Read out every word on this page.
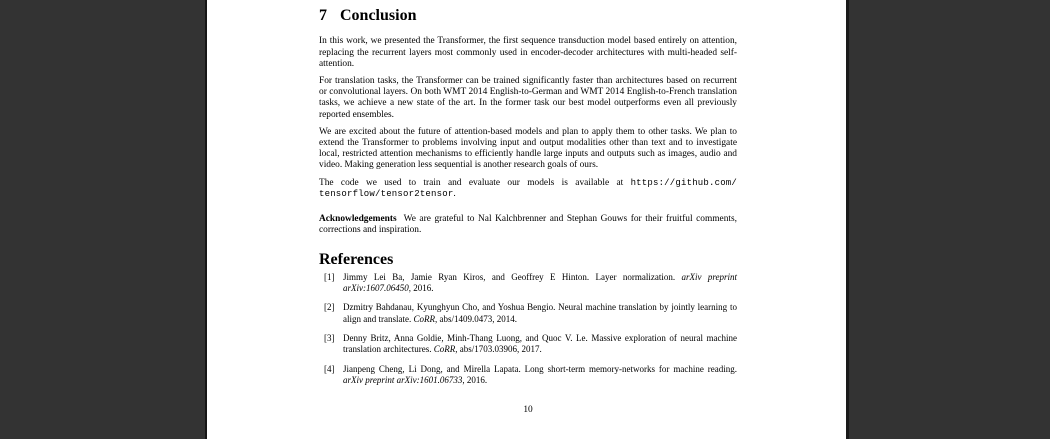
7 Conclusion

In this work, we presented the Transformer, the first sequence transduction model based entirely on attention, replacing the recurrent layers most commonly used in encoder-decoder architectures with multi-headed self-attention.

For translation tasks, the Transformer can be trained significantly faster than architectures based on recurrent or convolutional layers. On both WMT 2014 English-to-German and WMT 2014 English-to-French translation tasks, we achieve a new state of the art. In the former task our best model outperforms even all previously reported ensembles.

We are excited about the future of attention-based models and plan to apply them to other tasks. We plan to extend the Transformer to problems involving input and output modalities other than text and to investigate local, restricted attention mechanisms to efficiently handle large inputs and outputs such as images, audio and video. Making generation less sequential is another research goals of ours.

The code we used to train and evaluate our models is available at https://github.com/tensorflow/tensor2tensor.

Acknowledgements We are grateful to Nal Kalchbrenner and Stephan Gouws for their fruitful comments, corrections and inspiration.

References
[1] Jimmy Lei Ba, Jamie Ryan Kiros, and Geoffrey E Hinton. Layer normalization. arXiv preprint arXiv:1607.06450, 2016.
[2] Dzmitry Bahdanau, Kyunghyun Cho, and Yoshua Bengio. Neural machine translation by jointly learning to align and translate. CoRR, abs/1409.0473, 2014.
[3] Denny Britz, Anna Goldie, Minh-Thang Luong, and Quoc V. Le. Massive exploration of neural machine translation architectures. CoRR, abs/1703.03906, 2017.
[4] Jianpeng Cheng, Li Dong, and Mirella Lapata. Long short-term memory-networks for machine reading. arXiv preprint arXiv:1601.06733, 2016.
10
